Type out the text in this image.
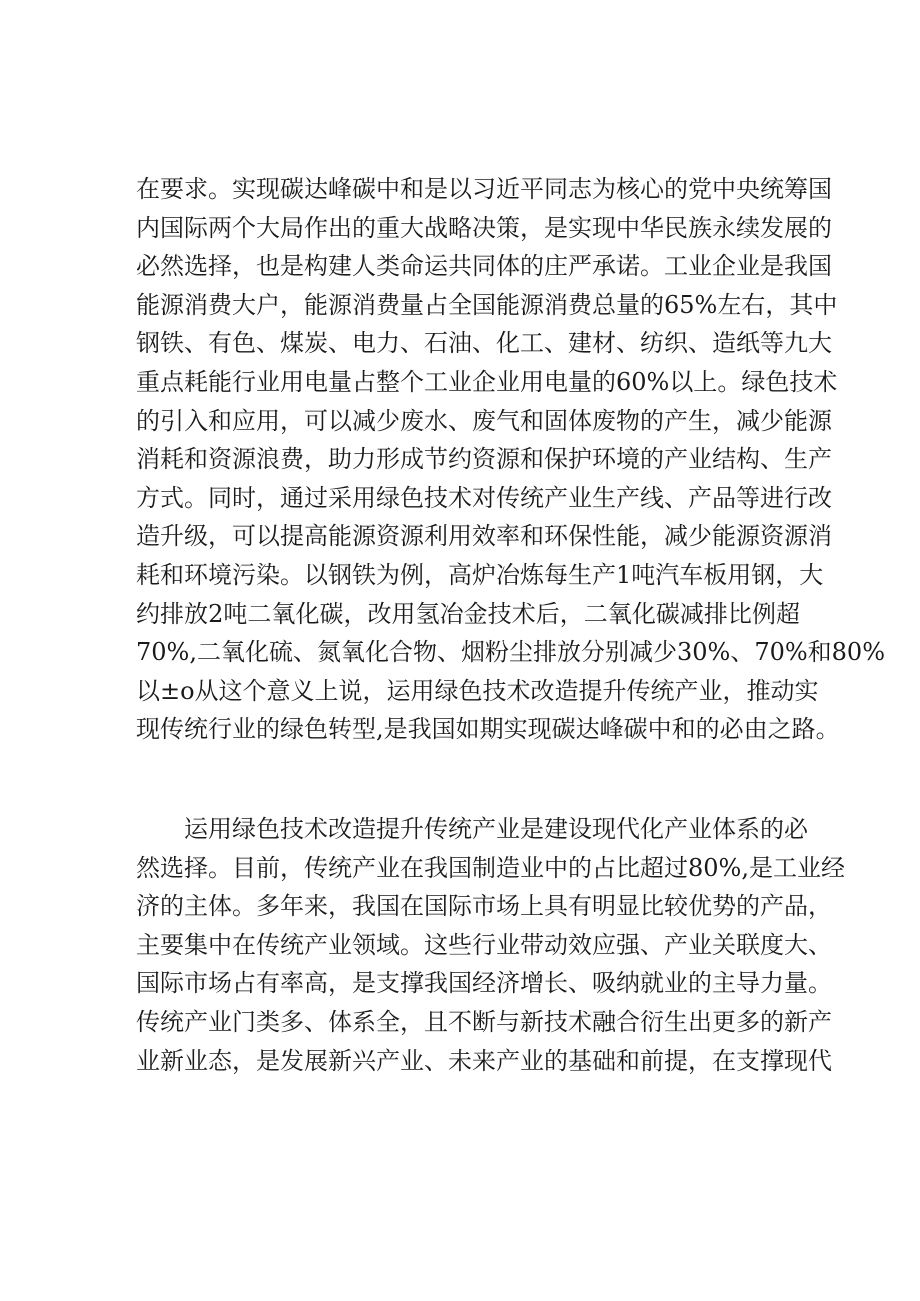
在要求。实现碳达峰碳中和是以习近平同志为核心的党中央统筹国
内国际两个大局作出的重大战略决策，是实现中华民族永续发展的
必然选择，也是构建人类命运共同体的庄严承诺。工业企业是我国
能源消费大户，能源消费量占全国能源消费总量的65%左右，其中
钢铁、有色、煤炭、电力、石油、化工、建材、纺织、造纸等九大
重点耗能行业用电量占整个工业企业用电量的60%以上。绿色技术
的引入和应用，可以减少废水、废气和固体废物的产生，减少能源
消耗和资源浪费，助力形成节约资源和保护环境的产业结构、生产
方式。同时，通过采用绿色技术对传统产业生产线、产品等进行改
造升级，可以提高能源资源利用效率和环保性能，减少能源资源消
耗和环境污染。以钢铁为例，高炉冶炼每生产1吨汽车板用钢，大
约排放2吨二氧化碳，改用氢冶金技术后，二氧化碳减排比例超
70%,二氧化硫、氮氧化合物、烟粉尘排放分别减少30%、70%和80%
以±o从这个意义上说，运用绿色技术改造提升传统产业，推动实
现传统行业的绿色转型,是我国如期实现碳达峰碳中和的必由之路。
运用绿色技术改造提升传统产业是建设现代化产业体系的必
然选择。目前，传统产业在我国制造业中的占比超过80%,是工业经
济的主体。多年来，我国在国际市场上具有明显比较优势的产品，
主要集中在传统产业领域。这些行业带动效应强、产业关联度大、
国际市场占有率高，是支撑我国经济增长、吸纳就业的主导力量。
传统产业门类多、体系全，且不断与新技术融合衍生出更多的新产
业新业态，是发展新兴产业、未来产业的基础和前提，在支撑现代
